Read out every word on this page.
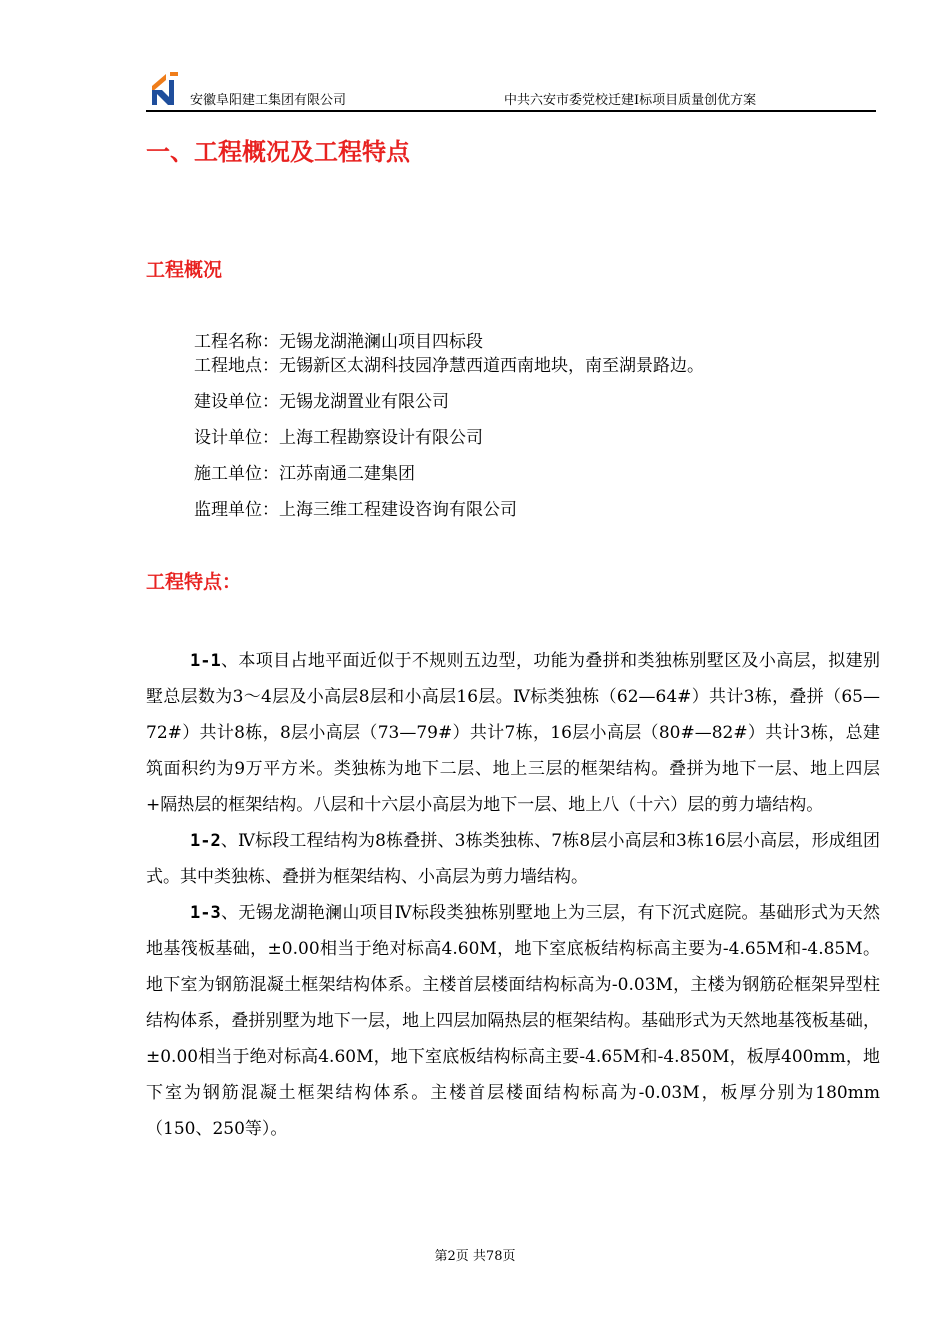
安徽阜阳建工集团有限公司	中共六安市委党校迁建Ⅰ标项目质量创优方案
一、工程概况及工程特点
工程概况
工程名称：无锡龙湖滟澜山项目四标段
工程地点：无锡新区太湖科技园净慧西道西南地块，南至湖景路边。
建设单位：无锡龙湖置业有限公司
设计单位：上海工程勘察设计有限公司
施工单位：江苏南通二建集团
监理单位：上海三维工程建设咨询有限公司
工程特点：

1-1、本项目占地平面近似于不规则五边型，功能为叠拼和类独栋别墅区及小高层，拟建别墅总层数为3～4层及小高层8层和小高层16层。Ⅳ标类独栋（62—64#）共计3栋，叠拼（65—72#）共计8栋，8层小高层（73—79#）共计7栋，16层小高层（80#—82#）共计3栋，总建筑面积约为9万平方米。类独栋为地下二层、地上三层的框架结构。叠拼为地下一层、地上四层+隔热层的框架结构。八层和十六层小高层为地下一层、地上八（十六）层的剪力墙结构。

1-2、Ⅳ标段工程结构为8栋叠拼、3栋类独栋、7栋8层小高层和3栋16层小高层，形成组团式。其中类独栋、叠拼为框架结构、小高层为剪力墙结构。

1-3、无锡龙湖艳澜山项目Ⅳ标段类独栋别墅地上为三层，有下沉式庭院。基础形式为天然地基筏板基础，±0.00相当于绝对标高4.60M，地下室底板结构标高主要为-4.65M和-4.85M。地下室为钢筋混凝土框架结构体系。主楼首层楼面结构标高为-0.03M，主楼为钢筋砼框架异型柱结构体系，叠拼别墅为地下一层，地上四层加隔热层的框架结构。基础形式为天然地基筏板基础，±0.00相当于绝对标高4.60M，地下室底板结构标高主要-4.65M和-4.850M，板厚400mm，地下室为钢筋混凝土框架结构体系。主楼首层楼面结构标高为-0.03M，板厚分别为180mm（150、250等）。

第2页 共78页
